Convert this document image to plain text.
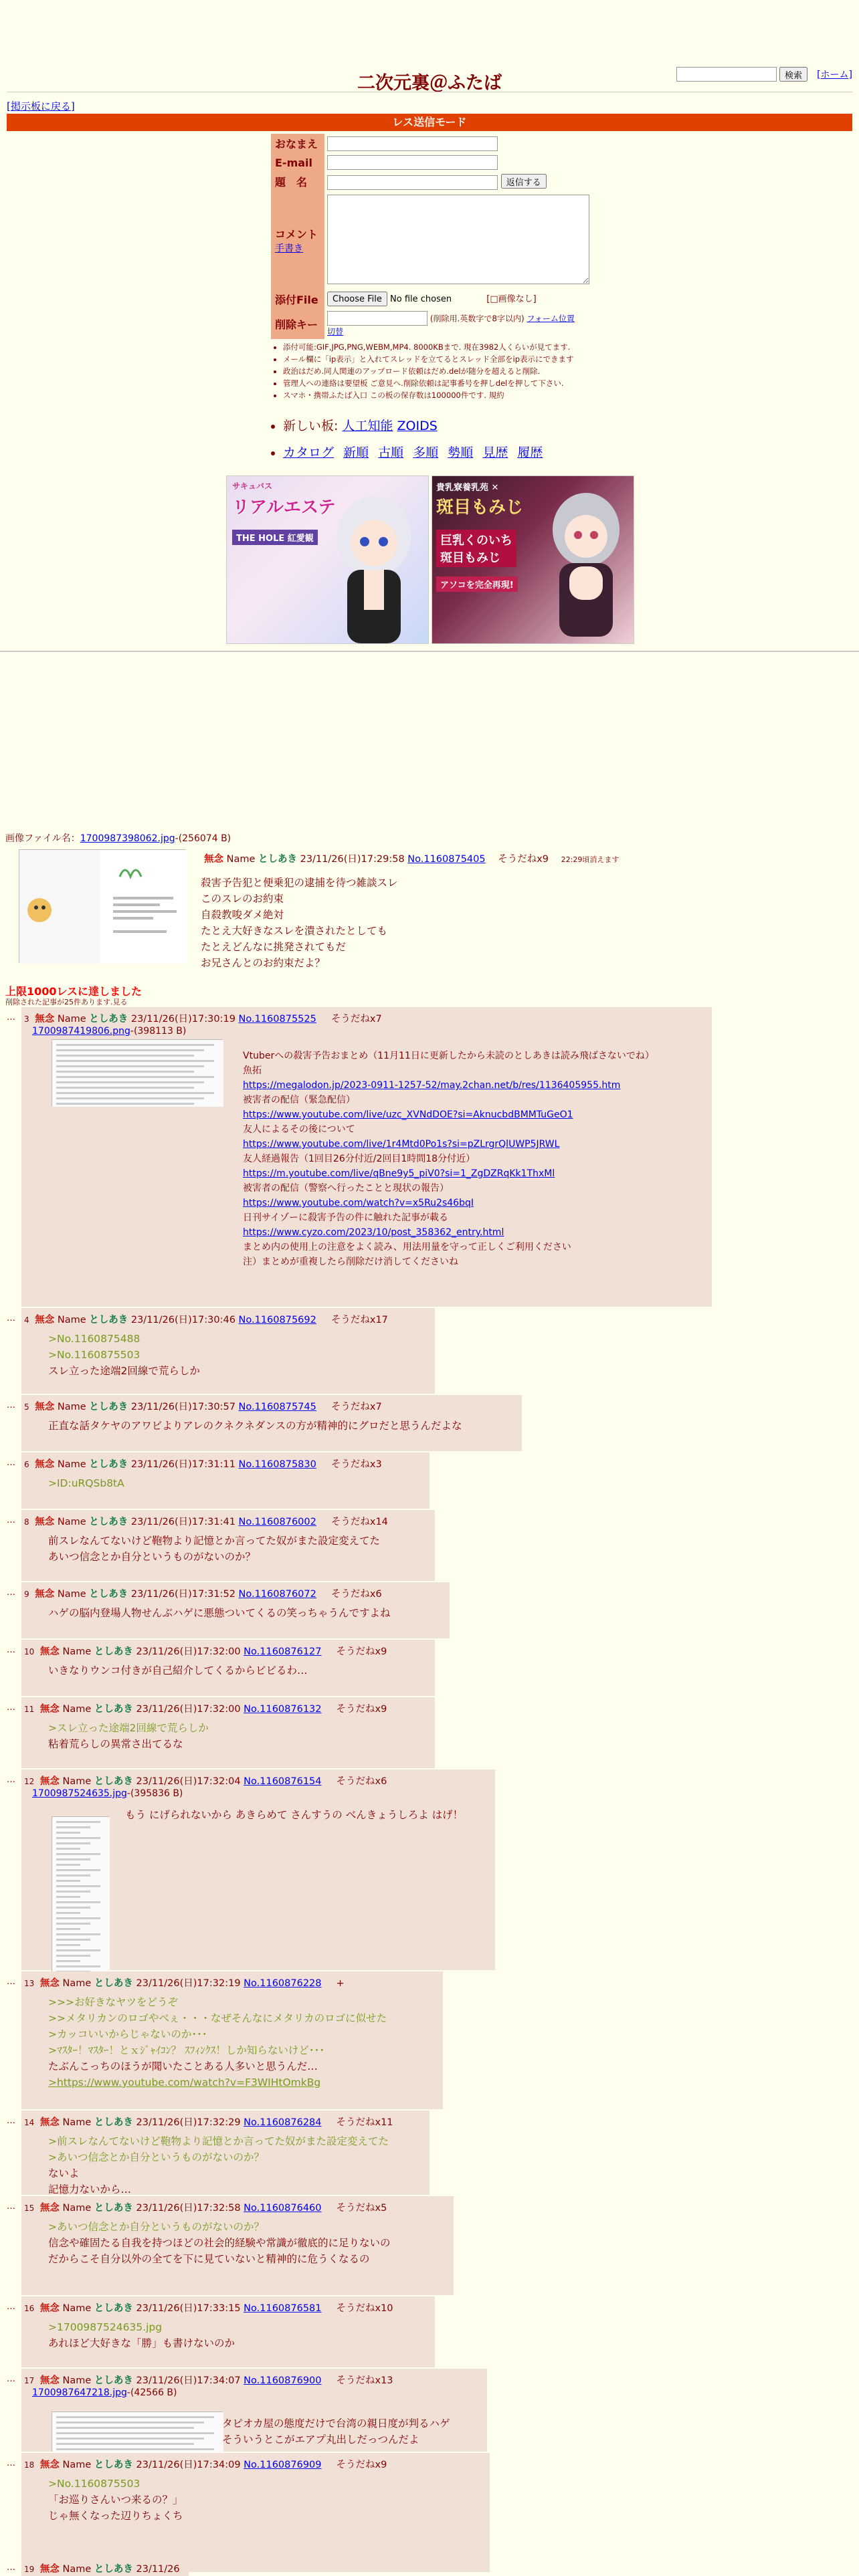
検索	[ホーム]
二次元裏＠ふたば
[掲示板に戻る]
レス送信モード
おなまえ	
E-mail	
題　名	返信する

コメント
手書き	
添付File	Choose File No file chosen [□画像なし]
削除キー	(削除用.英数字で8字以内) フォーム位置
切替
• 添付可能:GIF,JPG,PNG,WEBM,MP4. 8000KBまで. 現在3982人くらいが見てます.
• メール欄に「ip表示」と入れてスレッドを立てるとスレッド全部をip表示にできます
• 政治はだめ.同人関連のアップロード依頼はだめ.delが随分を超えると削除.
• 管理人への連絡は要望板 ご意見へ.削除依頼は記事番号を押しdelを押して下さい.
• スマホ・携帯ふたば入口 この板の保存数は100000件です. 規約
• 新しい板: 人工知能 ZOIDS
• カタログ 新順 古順 多順 勢順 見歴 履歴
サキュバス
リアルエステ
THE HOLE 紅愛観
貴乳寮養乳苑 ✕
斑目もみじ
巨乳くのいち
斑目もみじ
アソコを完全再現!
画像ファイル名：1700987398062.jpg-(256074 B)
無念 Name としあき 23/11/26(日)17:29:58 No.1160875405 そうだねx9 22:29頃消えます
殺害予告犯と便乗犯の逮捕を待つ雑談スレ
このスレのお約束
自殺教唆ダメ絶対
たとえ大好きなスレを潰されたとしても
たとえどんなに挑発されてもだ
お兄さんとのお約束だよ？
上限1000レスに達しました
削除された記事が25件あります.見る
… 3 無念 Name としあき 23/11/26(日)17:30:19 No.1160875525 そうだねx7
1700987419806.png-(398113 B)
Vtuberへの殺害予告おまとめ（11月11日に更新したから未読のとしあきは読み飛ばさないでね）
魚拓
https://megalodon.jp/2023-0911-1257-52/may.2chan.net/b/res/1136405955.htm
被害者の配信（緊急配信）
https://www.youtube.com/live/uzc_XVNdDOE?si=AknucbdBMMTuGeO1
友人によるその後について
https://www.youtube.com/live/1r4Mtd0Po1s?si=pZLrgrQlUWP5JRWL
友人経過報告（1回目26分付近/2回目1時間18分付近）
https://m.youtube.com/live/qBne9y5_piV0?si=1_ZgDZRqKk1ThxMl
被害者の配信（警察へ行ったことと現状の報告）
https://www.youtube.com/watch?v=x5Ru2s46bqI
日刊サイゾーに殺害予告の件に触れた記事が載る
https://www.cyzo.com/2023/10/post_358362_entry.html
まとめ内の使用上の注意をよく読み、用法用量を守って正しくご利用ください
注）まとめが重複したら削除だけ消してくださいね
… 4 無念 Name としあき 23/11/26(日)17:30:46 No.1160875692 そうだねx17
>No.1160875488
>No.1160875503
スレ立った途端2回線で荒らしか
… 5 無念 Name としあき 23/11/26(日)17:30:57 No.1160875745 そうだねx7
正直な話タケヤのアワビよりアレのクネクネダンスの方が精神的にグロだと思うんだよな
… 6 無念 Name としあき 23/11/26(日)17:31:11 No.1160875830 そうだねx3
>ID:uRQSb8tA
… 8 無念 Name としあき 23/11/26(日)17:31:41 No.1160876002 そうだねx14
前スレなんてないけど鞄物より記憶とか言ってた奴がまた設定変えてた
あいつ信念とか自分というものがないのか？
… 9 無念 Name としあき 23/11/26(日)17:31:52 No.1160876072 そうだねx6
ハゲの脳内登場人物せんぶハゲに悪態ついてくるの笑っちゃうんですよね
… 10 無念 Name としあき 23/11/26(日)17:32:00 No.1160876127 そうだねx9
いきなりウンコ付きが自己紹介してくるからビビるわ…
… 11 無念 Name としあき 23/11/26(日)17:32:00 No.1160876132 そうだねx9
>スレ立った途端2回線で荒らしか
粘着荒らしの異常さ出てるな
… 12 無念 Name としあき 23/11/26(日)17:32:04 No.1160876154 そうだねx6
1700987524635.jpg-(395836 B)
もう にげられないから あきらめて さんすうの べんきょうしろよ はげ！
… 13 無念 Name としあき 23/11/26(日)17:32:19 No.1160876228 +
>>>お好きなヤツをどうぞ
>>メタリカンのロゴやべぇ・・・なぜそんなにメタリカのロゴに似せた
>カッコいいからじゃないのか･･･
>ﾏｽﾀｰ！ﾏｽﾀｰ！とｘｼﾞｬｲｺﾝ？ ｽﾌｨﾝｸｽ！しか知らないけど･･･
たぶんこっちのほうが聞いたことある人多いと思うんだ…
>https://www.youtube.com/watch?v=F3WIHtOmkBg
… 14 無念 Name としあき 23/11/26(日)17:32:29 No.1160876284 そうだねx11
>前スレなんてないけど鞄物より記憶とか言ってた奴がまた設定変えてた
>あいつ信念とか自分というものがないのか？
ないよ
記憶力ないから…
… 15 無念 Name としあき 23/11/26(日)17:32:58 No.1160876460 そうだねx5
>あいつ信念とか自分というものがないのか？
信念や確固たる自我を持つほどの社会的経験や常識が徹底的に足りないの
だからこそ自分以外の全てを下に見ていないと精神的に危うくなるの
… 16 無念 Name としあき 23/11/26(日)17:33:15 No.1160876581 そうだねx10
>1700987524635.jpg
あれほど大好きな「勝」も書けないのか
… 17 無念 Name としあき 23/11/26(日)17:34:07 No.1160876900 そうだねx13
1700987647218.jpg-(42566 B)
タピオカ屋の態度だけで台湾の親日度が判るハゲ
そういうとこがエアプ丸出しだっつんだよ
… 18 無念 Name としあき 23/11/26(日)17:34:09 No.1160876909 そうだねx9
>No.1160875503
「お巡りさんいつ来るの？」
じゃ無くなった辺りちょくち
… 19 無念 Name としあき 23/11/26
